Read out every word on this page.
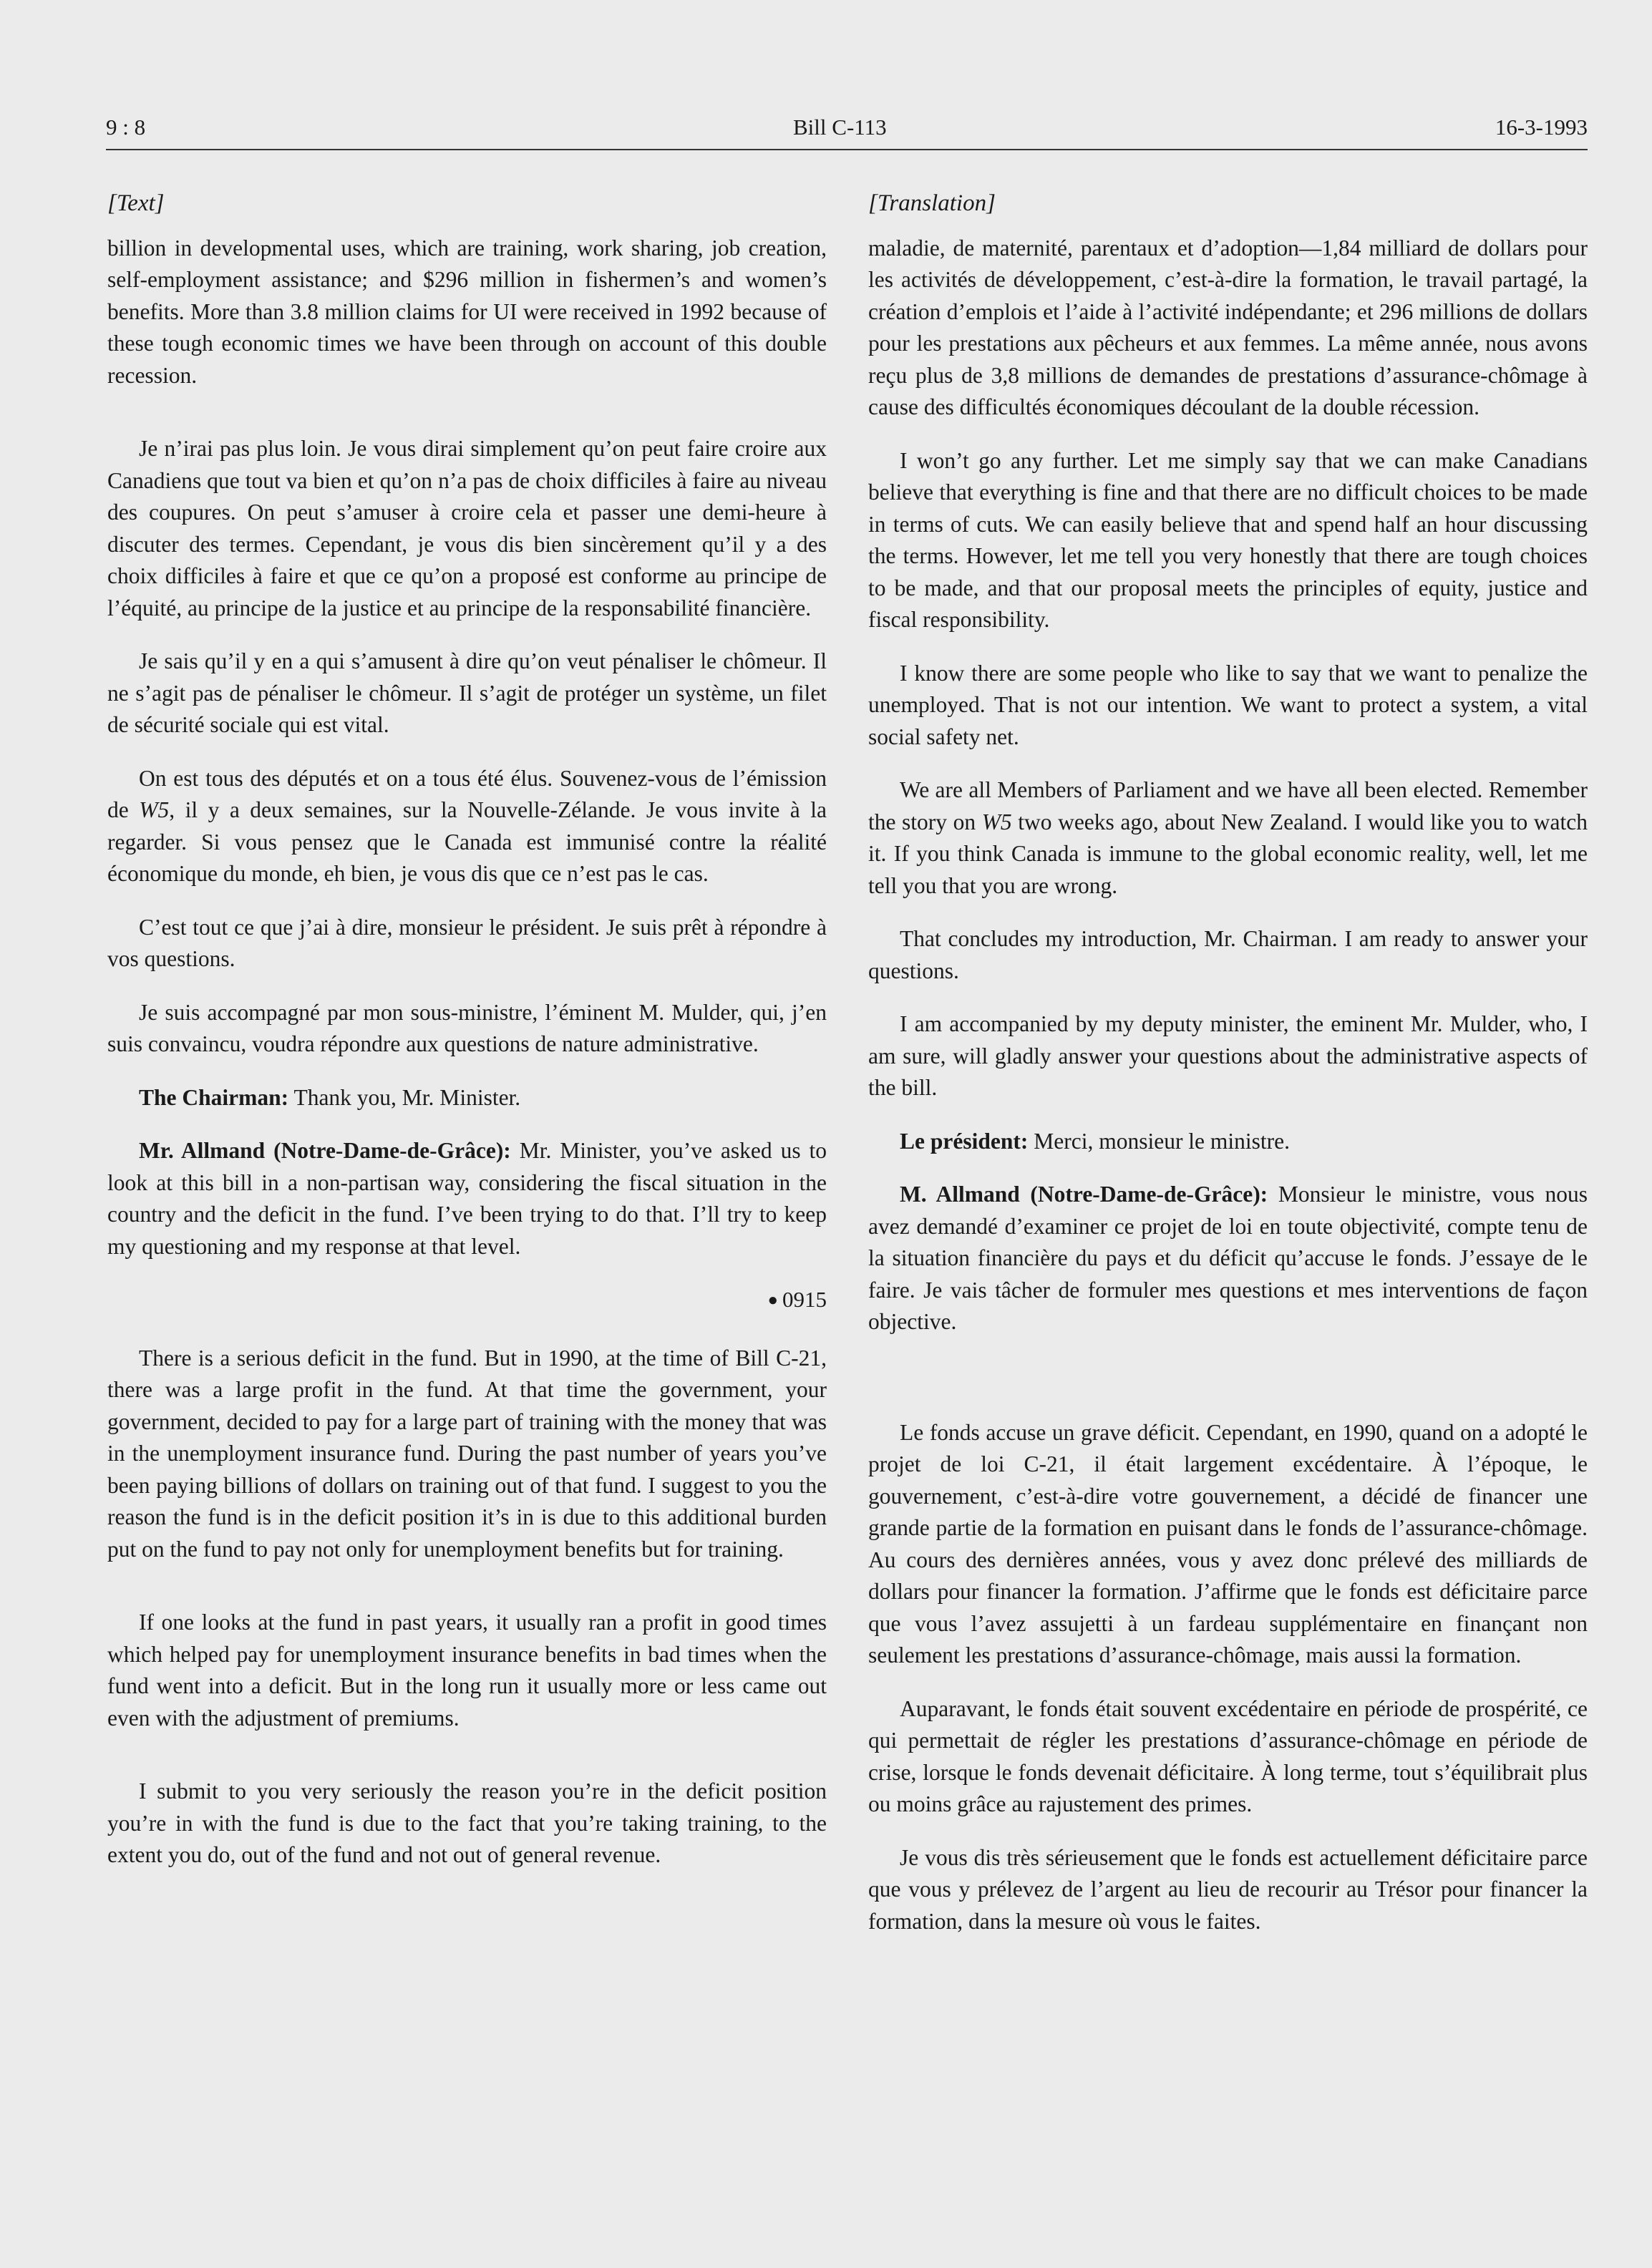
9 : 8	Bill C-113	16-3-1993
[Text]

billion in developmental uses, which are training, work sharing, job creation, self-employment assistance; and $296 million in fishermen’s and women’s benefits. More than 3.8 million claims for UI were received in 1992 because of these tough economic times we have been through on account of this double recession.

Je n’irai pas plus loin. Je vous dirai simplement qu’on peut faire croire aux Canadiens que tout va bien et qu’on n’a pas de choix difficiles à faire au niveau des coupures. On peut s’amuser à croire cela et passer une demi-heure à discuter des termes. Cependant, je vous dis bien sincèrement qu’il y a des choix difficiles à faire et que ce qu’on a proposé est conforme au principe de l’équité, au principe de la justice et au principe de la responsabilité financière.

Je sais qu’il y en a qui s’amusent à dire qu’on veut pénaliser le chômeur. Il ne s’agit pas de pénaliser le chômeur. Il s’agit de protéger un système, un filet de sécurité sociale qui est vital.

On est tous des députés et on a tous été élus. Souvenez-vous de l’émission de W5, il y a deux semaines, sur la Nouvelle-Zélande. Je vous invite à la regarder. Si vous pensez que le Canada est immunisé contre la réalité économique du monde, eh bien, je vous dis que ce n’est pas le cas.

C’est tout ce que j’ai à dire, monsieur le président. Je suis prêt à répondre à vos questions.

Je suis accompagné par mon sous-ministre, l’éminent M. Mulder, qui, j’en suis convaincu, voudra répondre aux questions de nature administrative.

The Chairman: Thank you, Mr. Minister.

Mr. Allmand (Notre-Dame-de-Grâce): Mr. Minister, you’ve asked us to look at this bill in a non-partisan way, considering the fiscal situation in the country and the deficit in the fund. I’ve been trying to do that. I’ll try to keep my questioning and my response at that level.

● 0915

There is a serious deficit in the fund. But in 1990, at the time of Bill C-21, there was a large profit in the fund. At that time the government, your government, decided to pay for a large part of training with the money that was in the unemployment insurance fund. During the past number of years you’ve been paying billions of dollars on training out of that fund. I suggest to you the reason the fund is in the deficit position it’s in is due to this additional burden put on the fund to pay not only for unemployment benefits but for training.

If one looks at the fund in past years, it usually ran a profit in good times which helped pay for unemployment insurance benefits in bad times when the fund went into a deficit. But in the long run it usually more or less came out even with the adjustment of premiums.

I submit to you very seriously the reason you’re in the deficit position you’re in with the fund is due to the fact that you’re taking training, to the extent you do, out of the fund and not out of general revenue.

[Translation]

maladie, de maternité, parentaux et d’adoption—1,84 milliard de dollars pour les activités de développement, c’est-à-dire la formation, le travail partagé, la création d’emplois et l’aide à l’activité indépendante; et 296 millions de dollars pour les prestations aux pêcheurs et aux femmes. La même année, nous avons reçu plus de 3,8 millions de demandes de prestations d’assurance-chômage à cause des difficultés économiques découlant de la double récession.

I won’t go any further. Let me simply say that we can make Canadians believe that everything is fine and that there are no difficult choices to be made in terms of cuts. We can easily believe that and spend half an hour discussing the terms. However, let me tell you very honestly that there are tough choices to be made, and that our proposal meets the principles of equity, justice and fiscal responsibility.

I know there are some people who like to say that we want to penalize the unemployed. That is not our intention. We want to protect a system, a vital social safety net.

We are all Members of Parliament and we have all been elected. Remember the story on W5 two weeks ago, about New Zealand. I would like you to watch it. If you think Canada is immune to the global economic reality, well, let me tell you that you are wrong.

That concludes my introduction, Mr. Chairman. I am ready to answer your questions.

I am accompanied by my deputy minister, the eminent Mr. Mulder, who, I am sure, will gladly answer your questions about the administrative aspects of the bill.

Le président: Merci, monsieur le ministre.

M. Allmand (Notre-Dame-de-Grâce): Monsieur le ministre, vous nous avez demandé d’examiner ce projet de loi en toute objectivité, compte tenu de la situation financière du pays et du déficit qu’accuse le fonds. J’essaye de le faire. Je vais tâcher de formuler mes questions et mes interventions de façon objective.

Le fonds accuse un grave déficit. Cependant, en 1990, quand on a adopté le projet de loi C-21, il était largement excédentaire. À l’époque, le gouvernement, c’est-à-dire votre gouvernement, a décidé de financer une grande partie de la formation en puisant dans le fonds de l’assurance-chômage. Au cours des dernières années, vous y avez donc prélevé des milliards de dollars pour financer la formation. J’affirme que le fonds est déficitaire parce que vous l’avez assujetti à un fardeau supplémentaire en finançant non seulement les prestations d’assurance-chômage, mais aussi la formation.

Auparavant, le fonds était souvent excédentaire en période de prospérité, ce qui permettait de régler les prestations d’assurance-chômage en période de crise, lorsque le fonds devenait déficitaire. À long terme, tout s’équilibrait plus ou moins grâce au rajustement des primes.

Je vous dis très sérieusement que le fonds est actuellement déficitaire parce que vous y prélevez de l’argent au lieu de recourir au Trésor pour financer la formation, dans la mesure où vous le faites.
